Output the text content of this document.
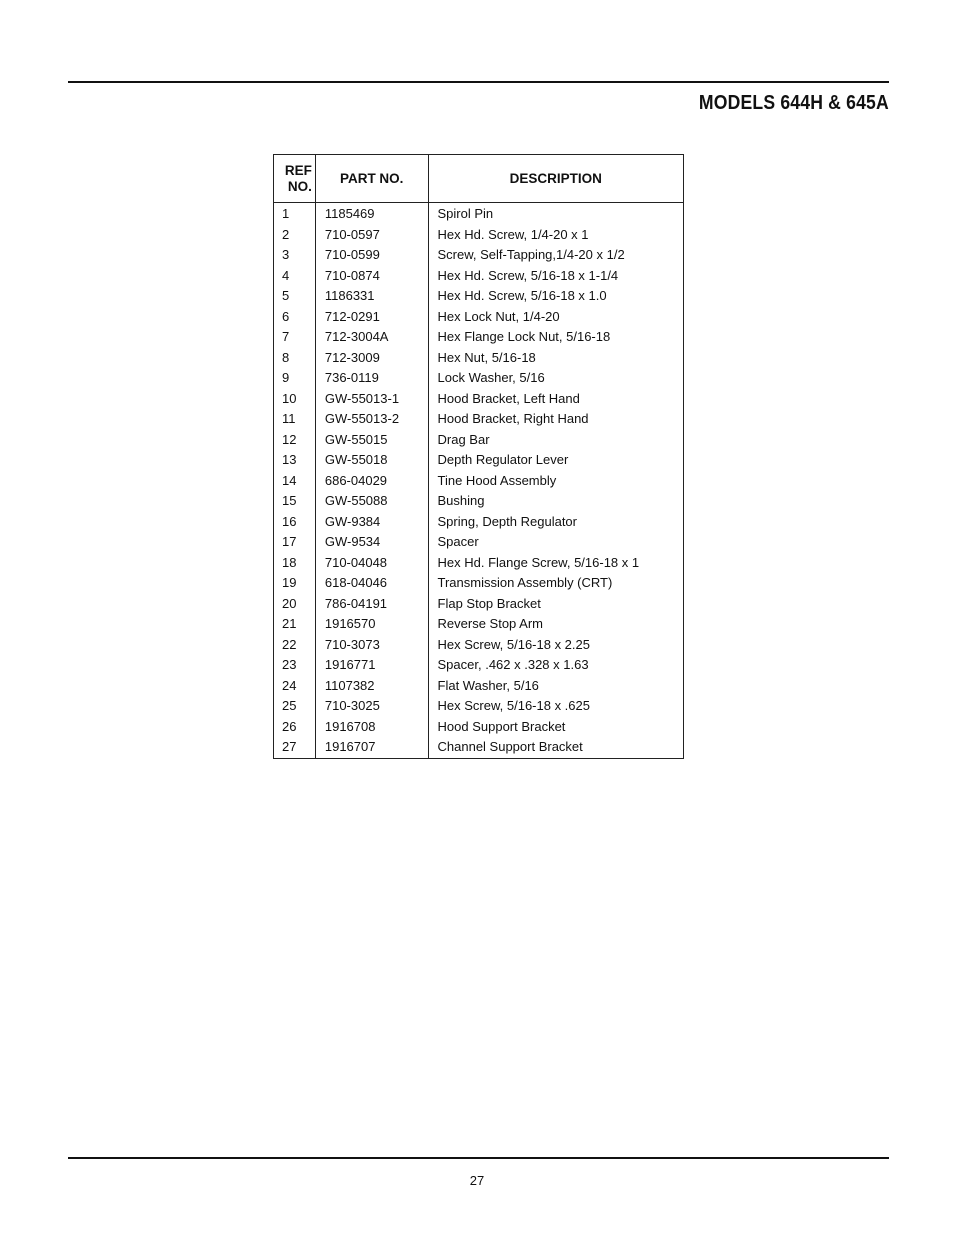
MODELS 644H & 645A
REF
NO.	PART NO.	DESCRIPTION
1	1185469	Spirol Pin
2	710-0597	Hex Hd. Screw, 1/4-20 x 1
3	710-0599	Screw, Self-Tapping,1/4-20 x 1/2
4	710-0874	Hex Hd. Screw, 5/16-18 x 1-1/4
5	1186331	Hex Hd. Screw, 5/16-18 x 1.0
6	712-0291	Hex Lock Nut, 1/4-20
7	712-3004A	Hex Flange Lock Nut, 5/16-18
8	712-3009	Hex Nut, 5/16-18
9	736-0119	Lock Washer, 5/16
10	GW-55013-1	Hood Bracket, Left Hand
11	GW-55013-2	Hood Bracket, Right Hand
12	GW-55015	Drag Bar
13	GW-55018	Depth Regulator Lever
14	686-04029	Tine Hood Assembly
15	GW-55088	Bushing
16	GW-9384	Spring, Depth Regulator
17	GW-9534	Spacer
18	710-04048	Hex Hd. Flange Screw, 5/16-18 x 1
19	618-04046	Transmission Assembly (CRT)
20	786-04191	Flap Stop Bracket
21	1916570	Reverse Stop Arm
22	710-3073	Hex Screw, 5/16-18 x 2.25
23	1916771	Spacer, .462 x .328 x 1.63
24	1107382	Flat Washer, 5/16
25	710-3025	Hex Screw, 5/16-18 x .625
26	1916708	Hood Support Bracket
27	1916707	Channel Support Bracket
27
